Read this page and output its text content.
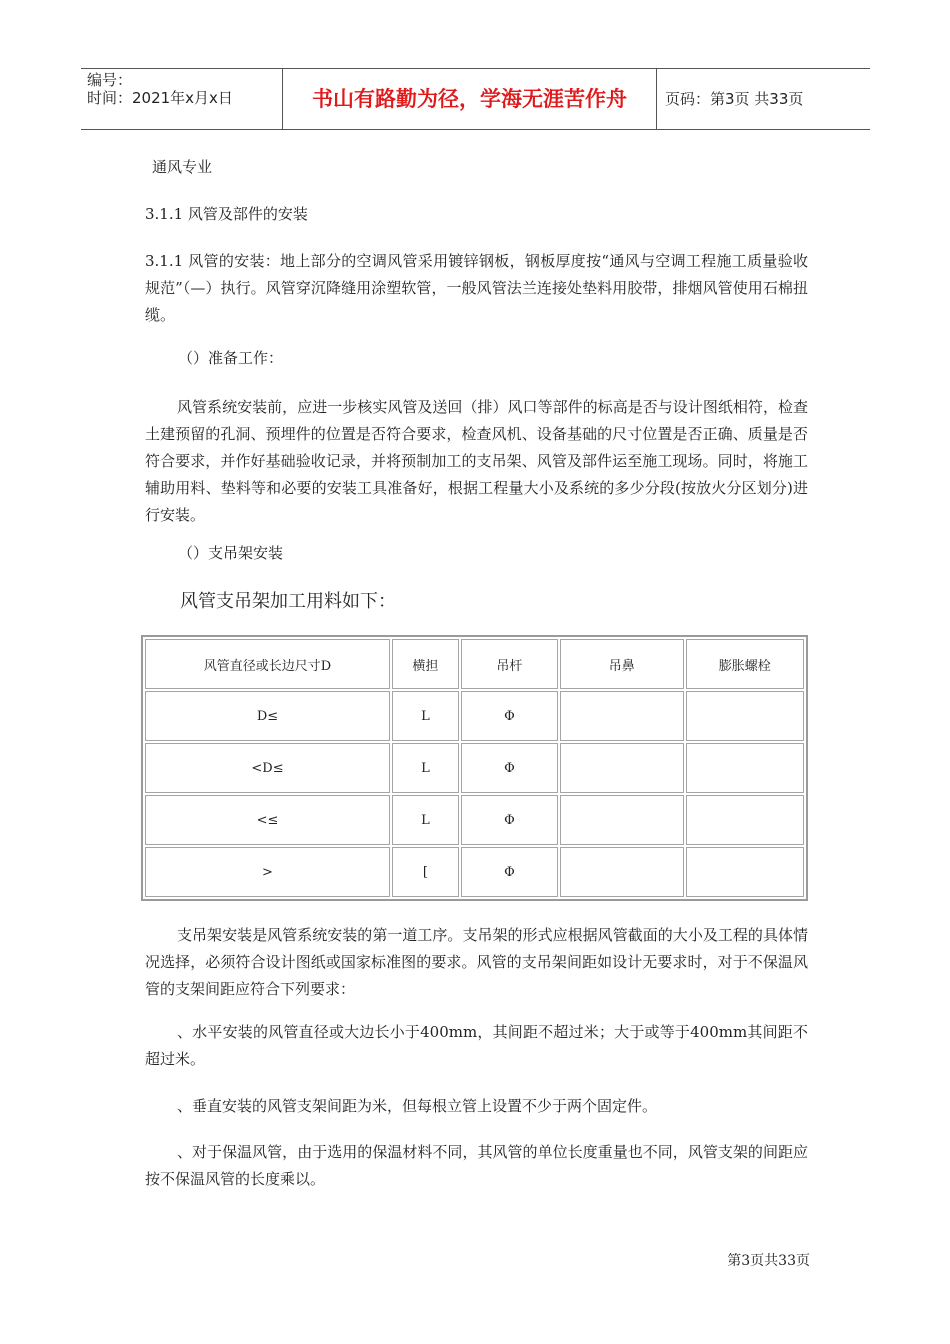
编号：
时间：2021年x月x日	书山有路勤为径，学海无涯苦作舟	页码：第3页 共33页

通风专业

3.1.1 风管及部件的安装

3.1.1 风管的安装：地上部分的空调风管采用镀锌钢板，钢板厚度按“通风与空调工程施工质量验收规范”（—）执行。风管穿沉降缝用涂塑软管，一般风管法兰连接处垫料用胶带，排烟风管使用石棉扭缆。

（）准备工作：

风管系统安装前，应进一步核实风管及送回（排）风口等部件的标高是否与设计图纸相符，检查土建预留的孔洞、预埋件的位置是否符合要求，检查风机、设备基础的尺寸位置是否正确、质量是否符合要求，并作好基础验收记录，并将预制加工的支吊架、风管及部件运至施工现场。同时，将施工辅助用料、垫料等和必要的安装工具准备好，根据工程量大小及系统的多少分段(按放火分区划分)进行安装。

（）支吊架安装

风管支吊架加工用料如下：

风管直径或长边尺寸D	横担	吊杆	吊鼻	膨胀螺栓
D≤	L	Φ		
<D≤	L	Φ		
<≤	L	Φ		
>	[	Φ		

支吊架安装是风管系统安装的第一道工序。支吊架的形式应根据风管截面的大小及工程的具体情况选择，必须符合设计图纸或国家标准图的要求。风管的支吊架间距如设计无要求时，对于不保温风管的支架间距应符合下列要求：

、水平安装的风管直径或大边长小于400mm，其间距不超过米；大于或等于400mm其间距不超过米。

、垂直安装的风管支架间距为米，但每根立管上设置不少于两个固定件。

、对于保温风管，由于选用的保温材料不同，其风管的单位长度重量也不同，风管支架的间距应按不保温风管的长度乘以。

第3页共33页
